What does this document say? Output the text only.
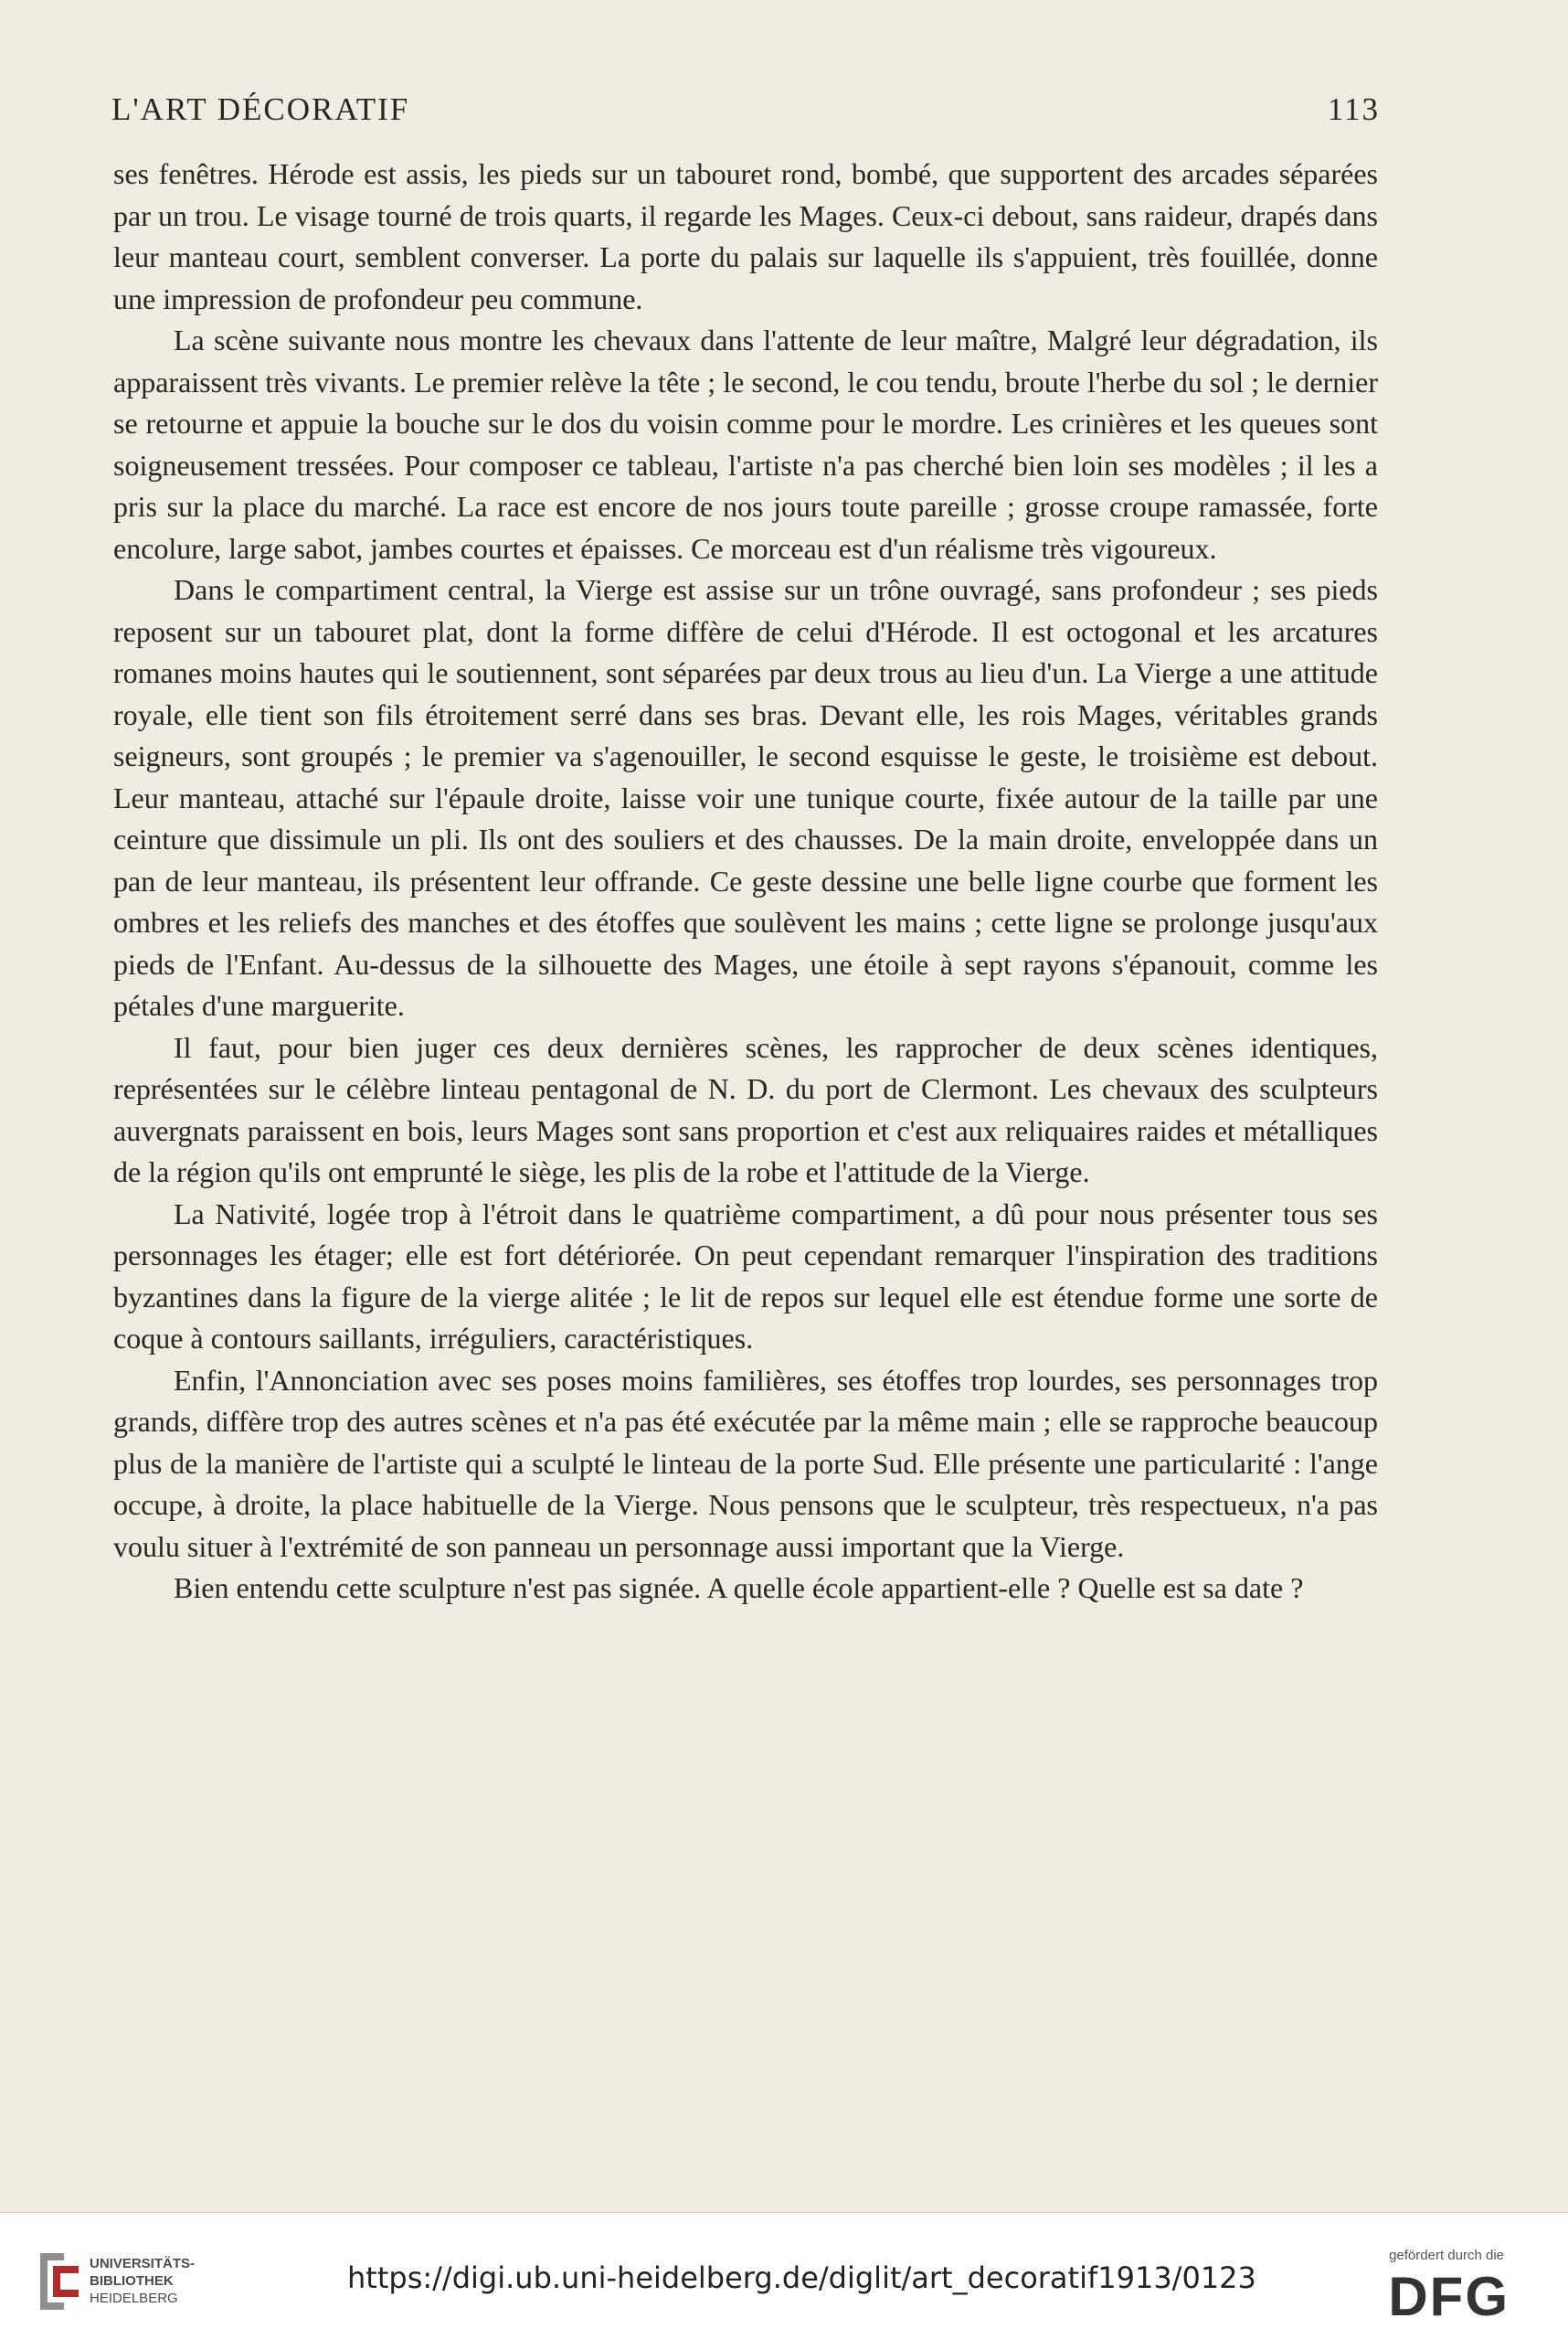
L'ART DÉCORATIF	113

ses fenêtres. Hérode est assis, les pieds sur un tabouret rond, bombé, que supportent des arcades séparées par un trou. Le visage tourné de trois quarts, il regarde les Mages. Ceux-ci debout, sans raideur, drapés dans leur manteau court, semblent converser. La porte du palais sur laquelle ils s'appuient, très fouillée, donne une impression de profondeur peu commune.

La scène suivante nous montre les chevaux dans l'attente de leur maître, Malgré leur dégradation, ils apparaissent très vivants. Le premier relève la tête ; le second, le cou tendu, broute l'herbe du sol ; le dernier se retourne et appuie la bouche sur le dos du voisin comme pour le mordre. Les crinières et les queues sont soigneusement tressées. Pour composer ce tableau, l'artiste n'a pas cherché bien loin ses modèles ; il les a pris sur la place du marché. La race est encore de nos jours toute pareille ; grosse croupe ramassée, forte encolure, large sabot, jambes courtes et épaisses. Ce morceau est d'un réalisme très vigoureux.

Dans le compartiment central, la Vierge est assise sur un trône ouvragé, sans profondeur ; ses pieds reposent sur un tabouret plat, dont la forme diffère de celui d'Hérode. Il est octogonal et les arcatures romanes moins hautes qui le soutiennent, sont séparées par deux trous au lieu d'un. La Vierge a une attitude royale, elle tient son fils étroitement serré dans ses bras. Devant elle, les rois Mages, véritables grands seigneurs, sont groupés ; le premier va s'agenouiller, le second esquisse le geste, le troisième est debout. Leur manteau, attaché sur l'épaule droite, laisse voir une tunique courte, fixée autour de la taille par une ceinture que dissimule un pli. Ils ont des souliers et des chausses. De la main droite, enveloppée dans un pan de leur manteau, ils présentent leur offrande. Ce geste dessine une belle ligne courbe que forment les ombres et les reliefs des manches et des étoffes que soulèvent les mains ; cette ligne se prolonge jusqu'aux pieds de l'Enfant. Au-dessus de la silhouette des Mages, une étoile à sept rayons s'épanouit, comme les pétales d'une marguerite.

Il faut, pour bien juger ces deux dernières scènes, les rapprocher de deux scènes identiques, représentées sur le célèbre linteau pentagonal de N. D. du port de Clermont. Les chevaux des sculpteurs auvergnats paraissent en bois, leurs Mages sont sans proportion et c'est aux reliquaires raides et métalliques de la région qu'ils ont emprunté le siège, les plis de la robe et l'attitude de la Vierge.

La Nativité, logée trop à l'étroit dans le quatrième compartiment, a dû pour nous présenter tous ses personnages les étager; elle est fort détériorée. On peut cependant remarquer l'inspiration des traditions byzantines dans la figure de la vierge alitée ; le lit de repos sur lequel elle est étendue forme une sorte de coque à contours saillants, irréguliers, caractéristiques.

Enfin, l'Annonciation avec ses poses moins familières, ses étoffes trop lourdes, ses personnages trop grands, diffère trop des autres scènes et n'a pas été exécutée par la même main ; elle se rapproche beaucoup plus de la manière de l'artiste qui a sculpté le linteau de la porte Sud. Elle présente une particularité : l'ange occupe, à droite, la place habituelle de la Vierge. Nous pensons que le sculpteur, très respectueux, n'a pas voulu situer à l'extrémité de son panneau un personnage aussi important que la Vierge.

Bien entendu cette sculpture n'est pas signée. A quelle école appartient-elle ? Quelle est sa date ?

UNIVERSITÄTS-
BIBLIOTHEK
HEIDELBERG
https://digi.ub.uni-heidelberg.de/diglit/art_decoratif1913/0123
gefördert durch die
DFG
